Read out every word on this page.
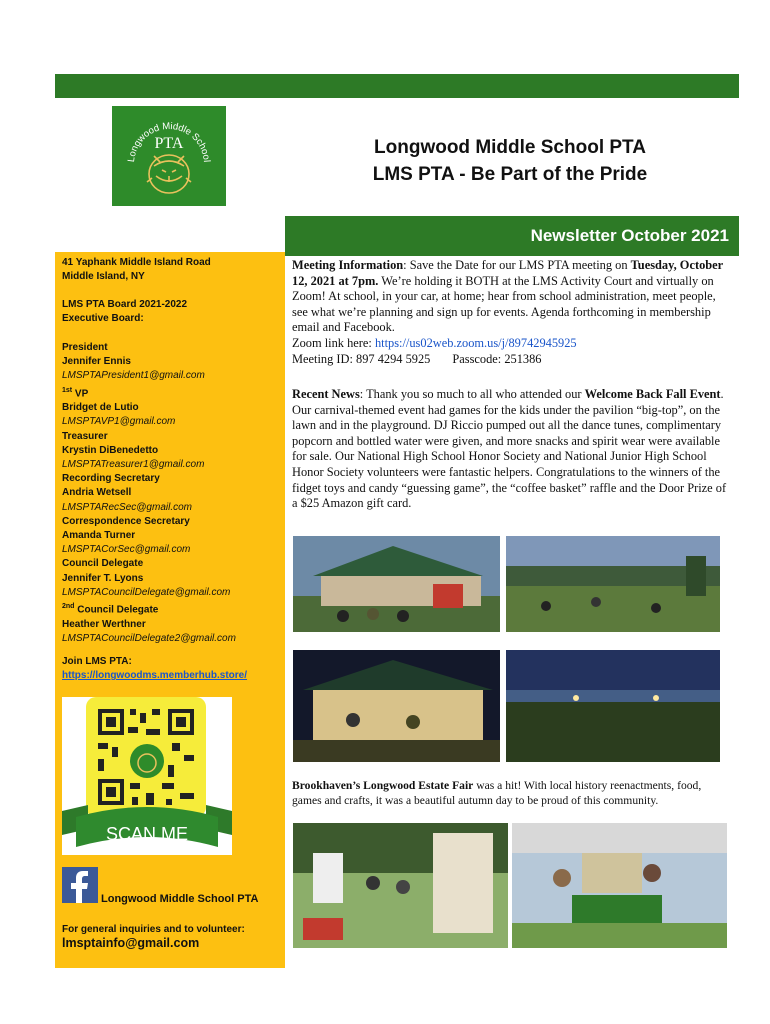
Longwood Middle School
PTA	Longwood Middle School PTA
LMS PTA - Be Part of the Pride
Newsletter October 2021
41 Yaphank Middle Island Road
Middle Island, NY
LMS PTA Board 2021-2022
Executive Board:
President
Jennifer Ennis
LMSPTAPresident1@gmail.com
$^{1st}$ VP
Bridget de Lutio
LMSPTAVP1@gmail.com
Treasurer
Krystin DiBenedetto
LMSPTATreasurer1@gmail.com
Recording Secretary
Andria Wetsell
LMSPTARecSec@gmail.com
Correspondence Secretary
Amanda Turner
LMSPTACorSec@gmail.com
Council Delegate
Jennifer T. Lyons
LMSPTACouncilDelegate@gmail.com
$^{2nd}$ Council Delegate
Heather Werthner
LMSPTACouncilDelegate2@gmail.com
Join LMS PTA:
https://longwoodms.memberhub.store/
SCAN ME
Longwood Middle School PTA
For general inquiries and to volunteer:
lmsptainfo@gmail.com
Meeting Information: Save the Date for our LMS PTA meeting on Tuesday, October 12, 2021 at 7pm. We’re holding it BOTH at the LMS Activity Court and virtually on Zoom! At school, in your car, at home; hear from school administration, meet people, see what we’re planning and sign up for events. Agenda forthcoming in membership email and Facebook.
Zoom link here: https://us02web.zoom.us/j/89742945925
Meeting ID: 897 4294 5925 Passcode: 251386
Recent News: Thank you so much to all who attended our Welcome Back Fall Event. Our carnival-themed event had games for the kids under the pavilion “big-top”, on the lawn and in the playground. DJ Riccio pumped out all the dance tunes, complimentary popcorn and bottled water were given, and more snacks and spirit wear were available for sale. Our National High School Honor Society and National Junior High School Honor Society volunteers were fantastic helpers. Congratulations to the winners of the fidget toys and candy “guessing game”, the “coffee basket” raffle and the Door Prize of a $25 Amazon gift card.
Brookhaven’s Longwood Estate Fair was a hit! With local history reenactments, food, games and crafts, it was a beautiful autumn day to be proud of this community.
